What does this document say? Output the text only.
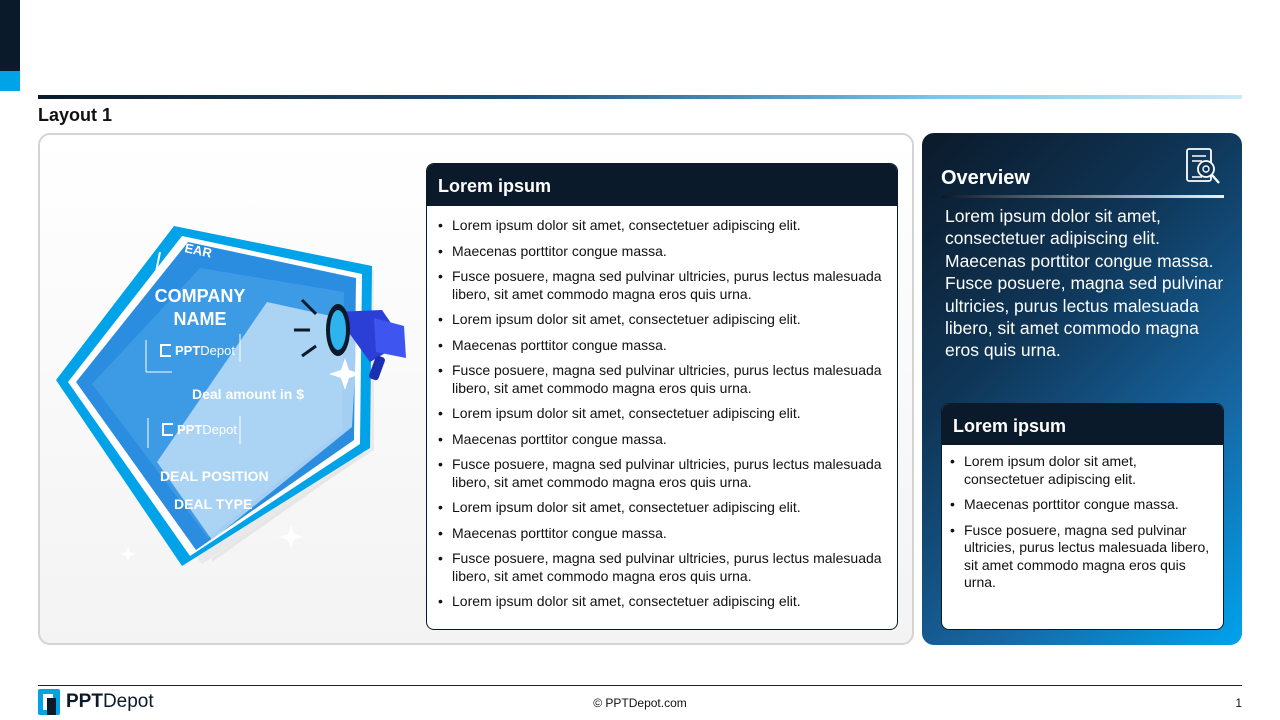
Layout 1
YEAR
COMPANY
NAME
PPTDepot
Deal amount in $
PPTDepot
DEAL POSITION
DEAL TYPE
Lorem ipsum
• Lorem ipsum dolor sit amet, consectetuer adipiscing elit.
• Maecenas porttitor congue massa.
• Fusce posuere, magna sed pulvinar ultricies, purus lectus malesuada libero, sit amet commodo magna eros quis urna.
• Lorem ipsum dolor sit amet, consectetuer adipiscing elit.
• Maecenas porttitor congue massa.
• Fusce posuere, magna sed pulvinar ultricies, purus lectus malesuada libero, sit amet commodo magna eros quis urna.
• Lorem ipsum dolor sit amet, consectetuer adipiscing elit.
• Maecenas porttitor congue massa.
• Fusce posuere, magna sed pulvinar ultricies, purus lectus malesuada libero, sit amet commodo magna eros quis urna.
• Lorem ipsum dolor sit amet, consectetuer adipiscing elit.
• Maecenas porttitor congue massa.
• Fusce posuere, magna sed pulvinar ultricies, purus lectus malesuada libero, sit amet commodo magna eros quis urna.
• Lorem ipsum dolor sit amet, consectetuer adipiscing elit.
Overview
Lorem ipsum dolor sit amet, consectetuer adipiscing elit. Maecenas porttitor congue massa. Fusce posuere, magna sed pulvinar ultricies, purus lectus malesuada libero, sit amet commodo magna eros quis urna.
Lorem ipsum
• Lorem ipsum dolor sit amet, consectetuer adipiscing elit.
• Maecenas porttitor congue massa.
• Fusce posuere, magna sed pulvinar ultricies, purus lectus malesuada libero, sit amet commodo magna eros quis urna.
PPTDepot	© PPTDepot.com	1
